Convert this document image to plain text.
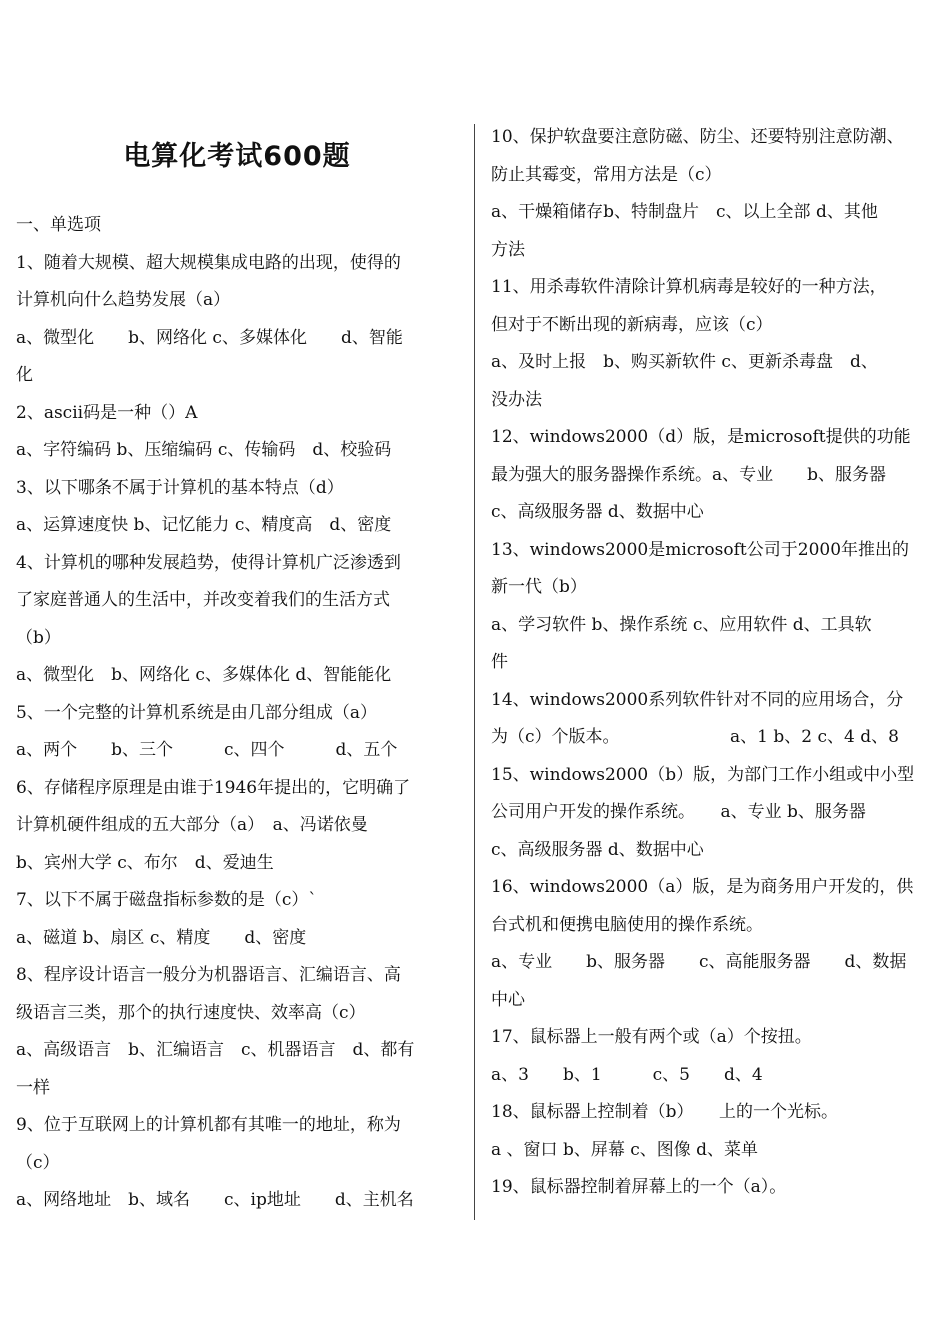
电算化考试600题
一、单选项
1、随着大规模、超大规模集成电路的出现，使得的
计算机向什么趋势发展（a）
a、微型化　　b、网络化 c、多媒体化　　d、智能
化
2、ascii码是一种（）A
a、字符编码 b、压缩编码 c、传输码　d、校验码
3、以下哪条不属于计算机的基本特点（d）
a、运算速度快 b、记忆能力 c、精度高　d、密度
4、计算机的哪种发展趋势，使得计算机广泛渗透到
了家庭普通人的生活中，并改变着我们的生活方式
（b）
a、微型化　b、网络化 c、多媒体化 d、智能能化
5、一个完整的计算机系统是由几部分组成（a）
a、两个　　b、三个　　　c、四个　　　d、五个
6、存储程序原理是由谁于1946年提出的，它明确了
计算机硬件组成的五大部分（a）　a、冯诺依曼
b、宾州大学 c、布尔　d、爱迪生
7、以下不属于磁盘指标参数的是（c）`
a、磁道 b、扇区 c、精度　　d、密度
8、程序设计语言一般分为机器语言、汇编语言、高
级语言三类，那个的执行速度快、效率高（c）
a、高级语言　b、汇编语言　c、机器语言　d、都有
一样
9、位于互联网上的计算机都有其唯一的地址，称为
（c）
a、网络地址　b、域名　　c、ip地址　　d、主机名
10、保护软盘要注意防磁、防尘、还要特别注意防潮、
防止其霉变，常用方法是（c）
a、干燥箱储存b、特制盘片　c、以上全部 d、其他
方法
11、用杀毒软件清除计算机病毒是较好的一种方法，
但对于不断出现的新病毒，应该（c）
a、及时上报　b、购买新软件 c、更新杀毒盘　d、
没办法
12、windows2000（d）版，是microsoft提供的功能
最为强大的服务器操作系统。a、专业　　b、服务器
c、高级服务器 d、数据中心
13、windows2000是microsoft公司于2000年推出的
新一代（b）
a、学习软件 b、操作系统 c、应用软件 d、工具软
件
14、windows2000系列软件针对不同的应用场合，分
为（c）个版本。　　　　　　　a、1 b、2 c、4 d、8
15、windows2000（b）版，为部门工作小组或中小型
公司用户开发的操作系统。　　a、专业 b、服务器
c、高级服务器 d、数据中心
16、windows2000（a）版，是为商务用户开发的，供
台式机和便携电脑使用的操作系统。
a、专业　　b、服务器　　c、高能服务器　　d、数据
中心
17、鼠标器上一般有两个或（a）个按扭。
a、3　　b、1　　　c、5　　d、4
18、鼠标器上控制着（b）　　上的一个光标。
a 、窗口 b、屏幕 c、图像 d、菜单
19、鼠标器控制着屏幕上的一个（a）。
